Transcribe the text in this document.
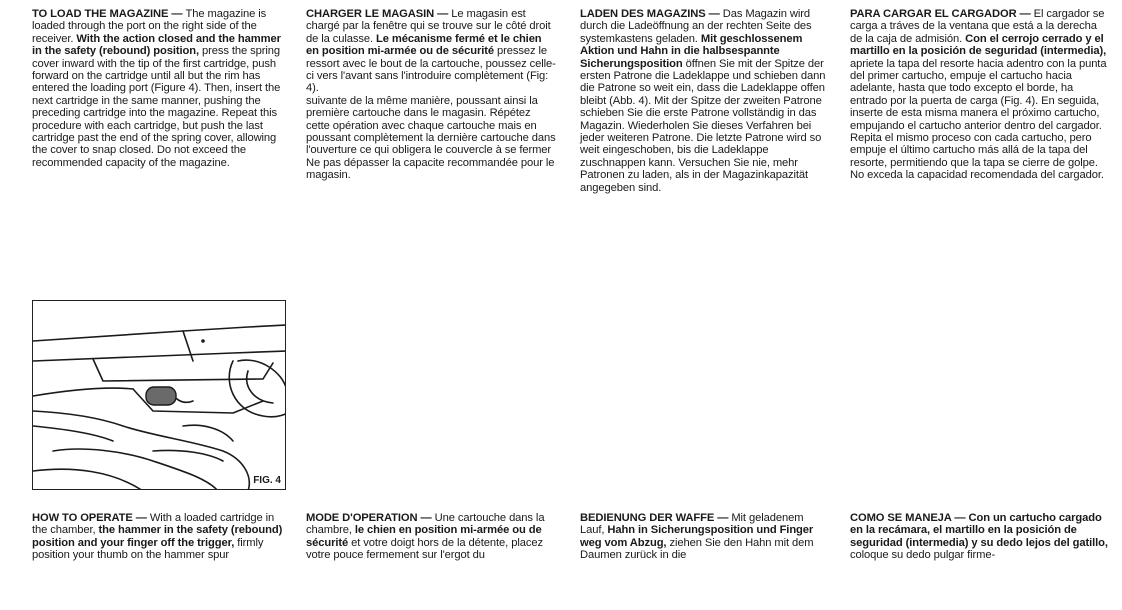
TO LOAD THE MAGAZINE — The magazine is loaded through the port on the right side of the receiver. With the action closed and the hammer in the safety (rebound) position, press the spring cover inward with the tip of the first cartridge, push forward on the cartridge until all but the rim has entered the loading port (Figure 4). Then, insert the next cartridge in the same manner, pushing the preceding cartridge into the magazine. Repeat this procedure with each cartridge, but push the last cartridge past the end of the spring cover, allowing the cover to snap closed. Do not exceed the recommended capacity of the magazine.
CHARGER LE MAGASIN — Le magasin est chargé par la fenêtre qui se trouve sur le côté droit de la culasse. Le mécanisme fermé et le chien en position mi-armée ou de sécurité pressez le ressort avec le bout de la cartouche, poussez celle-ci vers l'avant sans l'introduire complètement (Fig: 4).
suivante de la même manière, poussant ainsi la première cartouche dans le magasin. Répétez cette opération avec chaque cartouche mais en poussant complètement la dernière cartouche dans l'ouverture ce qui obligera le couvercle à se fermer Ne pas dépasser la capacite recommandée pour le magasin.
LADEN DES MAGAZINS — Das Magazin wird durch die Ladeöffnung an der rechten Seite des systemkastens geladen. Mit geschlossenem Aktion und Hahn in die halbsespannte Sicherungsposition öffnen Sie mit der Spitze der ersten Patrone die Ladeklappe und schieben dann die Patrone so weit ein, dass die Ladeklappe offen bleibt (Abb. 4). Mit der Spitze der zweiten Patrone schieben Sie die erste Patrone vollständig in das Magazin. Wiederholen Sie dieses Verfahren bei jeder weiteren Patrone. Die letzte Patrone wird so weit eingeschoben, bis die Ladeklappe zuschnappen kann. Versuchen Sie nie, mehr Patronen zu laden, als in der Magazinkapazität angegeben sind.
PARA CARGAR EL CARGADOR — El cargador se carga a tráves de la ventana que está a la derecha de la caja de admisión. Con el cerrojo cerrado y el martillo en la posición de seguridad (intermedia), apriete la tapa del resorte hacia adentro con la punta del primer cartucho, empuje el cartucho hacia adelante, hasta que todo excepto el borde, ha entrado por la puerta de carga (Fig. 4). En seguida, inserte de esta misma manera el próximo cartucho, empujando el cartucho anterior dentro del cargador. Repita el mismo proceso con cada cartucho, pero empuje el último cartucho más allá de la tapa del resorte, permitiendo que la tapa se cierre de golpe. No exceda la capacidad recomendada del cargador.
FIG. 4
HOW TO OPERATE — With a loaded cartridge in the chamber, the hammer in the safety (rebound) position and your finger off the trigger, firmly position your thumb on the hammer spur
MODE D'OPERATION — Une cartouche dans la chambre, le chien en position mi-armée ou de sécurité et votre doigt hors de la détente, placez votre pouce fermement sur l'ergot du
BEDIENUNG DER WAFFE — Mit geladenem Lauf, Hahn in Sicherungsposition und Finger weg vom Abzug, ziehen Sie den Hahn mit dem Daumen zurück in die
COMO SE MANEJA — Con un cartucho cargado en la recámara, el martillo en la posición de seguridad (intermedia) y su dedo lejos del gatillo, coloque su dedo pulgar firme-
